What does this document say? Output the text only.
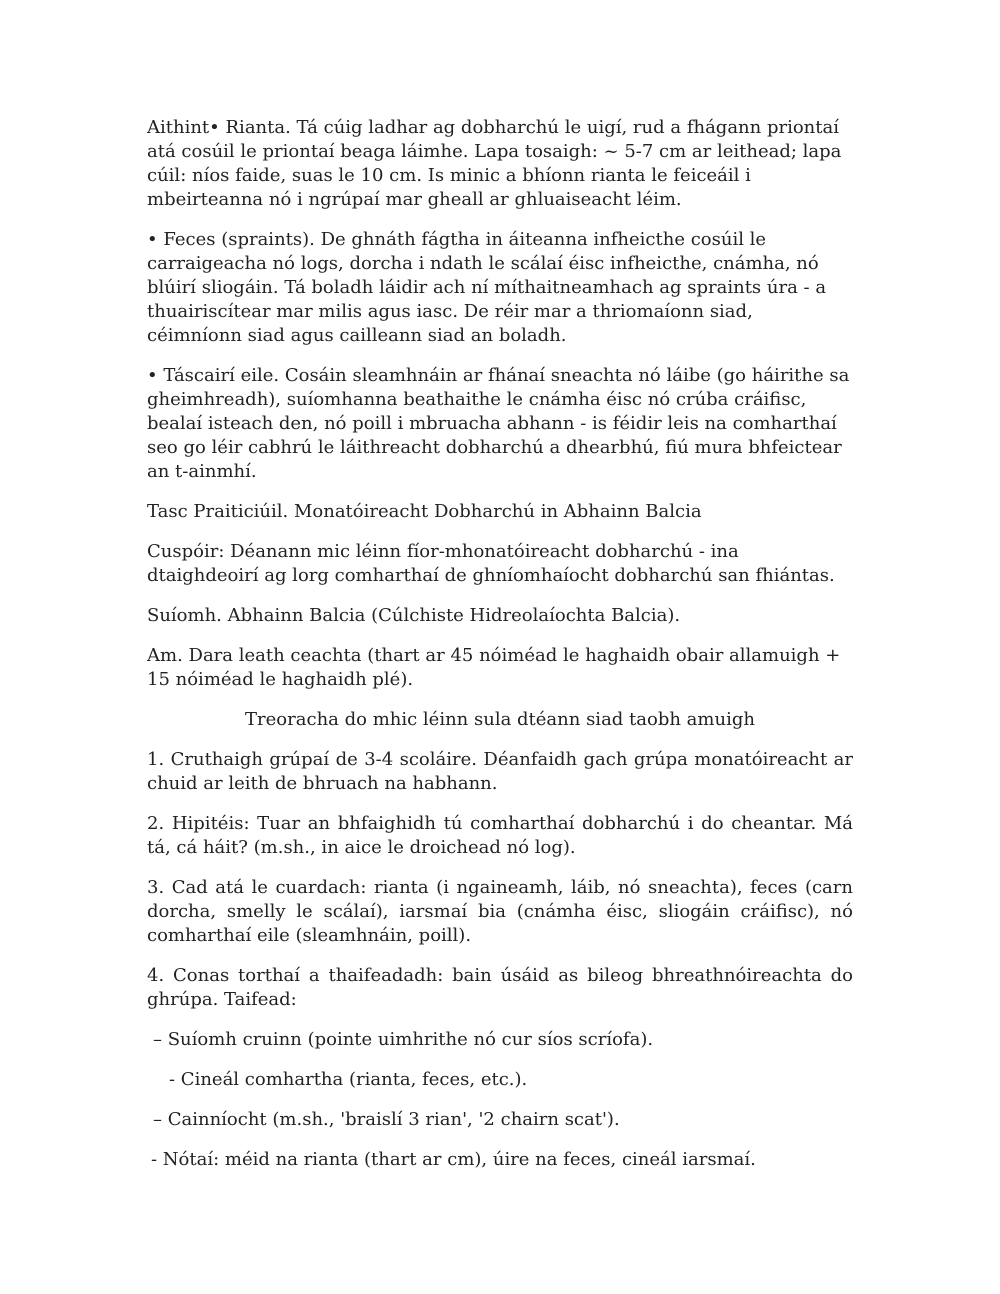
Aithint• Rianta. Tá cúig ladhar ag dobharchú le uigí, rud a fhágann priontaí atá cosúil le priontaí beaga láimhe. Lapa tosaigh: ~ 5-7 cm ar leithead; lapa cúil: níos faide, suas le 10 cm. Is minic a bhíonn rianta le feiceáil i mbeirteanna nó i ngrúpaí mar gheall ar ghluaiseacht léim.

• Feces (spraints). De ghnáth fágtha in áiteanna infheicthe cosúil le carraigeacha nó logs, dorcha i ndath le scálaí éisc infheicthe, cnámha, nó blúirí sliogáin. Tá boladh láidir ach ní míthaitneamhach ag spraints úra - a thuairiscítear mar milis agus iasc. De réir mar a thriomaíonn siad, céimníonn siad agus cailleann siad an boladh.

• Táscairí eile. Cosáin sleamhnáin ar fhánaí sneachta nó láibe (go háirithe sa gheimhreadh), suíomhanna beathaithe le cnámha éisc nó crúba cráifisc, bealaí isteach den, nó poill i mbruacha abhann - is féidir leis na comharthaí seo go léir cabhrú le láithreacht dobharchú a dhearbhú, fiú mura bhfeictear an t-ainmhí.

Tasc Praiticiúil. Monatóireacht Dobharchú in Abhainn Balcia

Cuspóir: Déanann mic léinn fíor-mhonatóireacht dobharchú - ina dtaighdeoirí ag lorg comharthaí de ghníomhaíocht dobharchú san fhiántas.

Suíomh. Abhainn Balcia (Cúlchiste Hidreolaíochta Balcia).

Am. Dara leath ceachta (thart ar 45 nóiméad le haghaidh obair allamuigh + 15 nóiméad le haghaidh plé).

Treoracha do mhic léinn sula dtéann siad taobh amuigh

1. Cruthaigh grúpaí de 3-4 scoláire. Déanfaidh gach grúpa monatóireacht ar chuid ar leith de bhruach na habhann.

2. Hipitéis: Tuar an bhfaighidh tú comharthaí dobharchú i do cheantar. Má tá, cá háit? (m.sh., in aice le droichead nó log).

3. Cad atá le cuardach: rianta (i ngaineamh, láib, nó sneachta), feces (carn dorcha, smelly le scálaí), iarsmaí bia (cnámha éisc, sliogáin cráifisc), nó comharthaí eile (sleamhnáin, poill).

4. Conas torthaí a thaifeadadh: bain úsáid as bileog bhreathnóireachta do ghrúpa. Taifead:

– Suíomh cruinn (pointe uimhrithe nó cur síos scríofa).

- Cineál comhartha (rianta, feces, etc.).

– Cainníocht (m.sh., 'braislí 3 rian', '2 chairn scat').

- Nótaí: méid na rianta (thart ar cm), úire na feces, cineál iarsmaí.
